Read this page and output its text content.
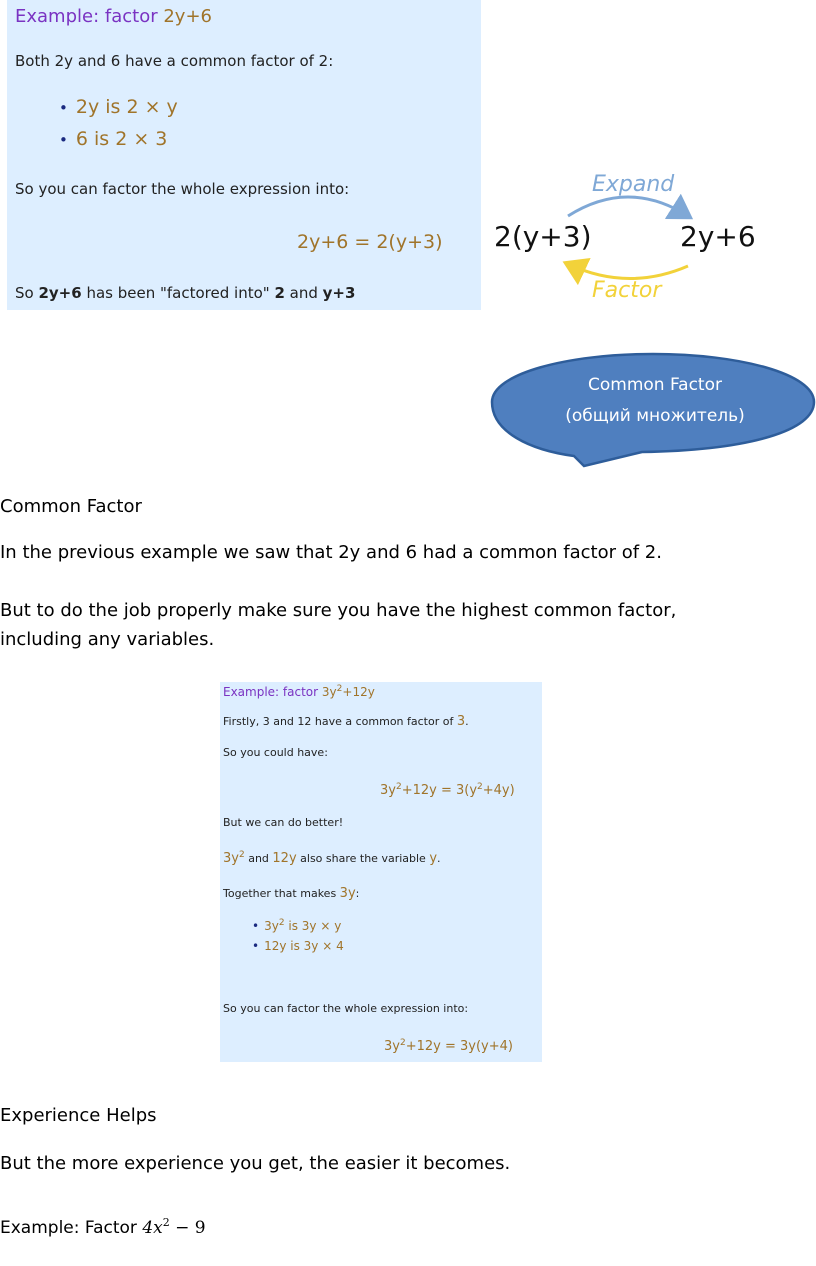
Example: factor 2y+6
Both 2y and 6 have a common factor of 2:
• 2y is 2 × y
• 6 is 2 × 3
So you can factor the whole expression into:
2y+6 = 2(y+3)
So 2y+6 has been "factored into" 2 and y+3
Expand
2(y+3)	2y+6
Factor
Common Factor
(общий множитель)
Common Factor
In the previous example we saw that 2y and 6 had a common factor of 2.
But to do the job properly make sure you have the highest common factor,
including any variables.
Example: factor $3y^2+12y$
Firstly, 3 and 12 have a common factor of 3.
So you could have:
$3y^2+12y = 3(y^2+4y)$
But we can do better!
$3y^2$ and 12y also share the variable y.
Together that makes 3y:
• $3y^2$ is 3y × y
• 12y is 3y × 4
So you can factor the whole expression into:
$3y^2+12y = 3y(y+4)$
Experience Helps
But the more experience you get, the easier it becomes.
Example: Factor $4x^2 - 9$
